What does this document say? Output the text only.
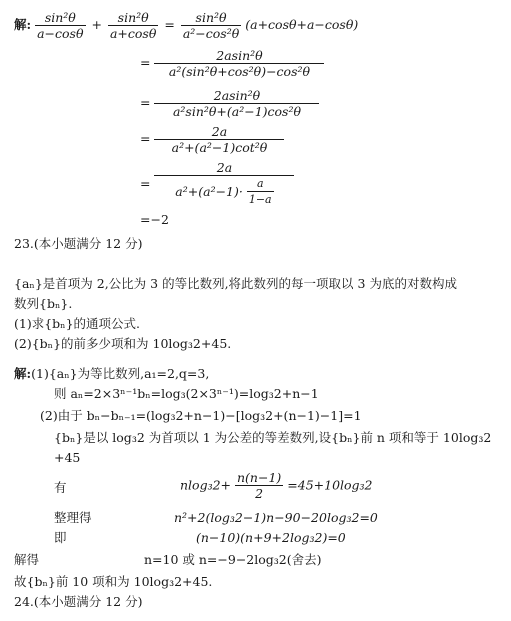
解: $\frac{\text{sin²θ}}{a-\cos\theta} + \frac{\text{sin²θ}}{a+\cos\theta} = \frac{\text{sin²θ}}{\text{a²−cos²θ}} (a+\cos\theta+a-\cos\theta)$
= $\frac{\text{2asin²θ}}{\text{a²(sin²θ+cos²θ)−cos²θ}}$
= $\frac{\text{2asin²θ}}{\text{a²sin²θ+(a²−1)cos²θ}}$
= $\frac{2a}{\text{a²+(a²−1)cot²θ}}$
= $\frac{2a}{a^2+(a^2-1)\cdot \frac{a}{1-a}}$
=−2
23.(本小题满分 12 分)
{aₙ}是首项为 2,公比为 3 的等比数列,将此数列的每一项取以 3 为底的对数构成
数列{bₙ}.
(1)求{bₙ}的通项公式.
(2){bₙ}的前多少项和为 10log₃2+45.
解:(1){aₙ}为等比数列,a₁=2,q=3,
则 aₙ=2×3ⁿ⁻¹bₙ=log₃(2×3ⁿ⁻¹)=log₃2+n−1
(2)由于 bₙ−bₙ₋₁=(log₃2+n−1)−[log₃2+(n−1)−1]=1
{bₙ}是以 log₃2 为首项以 1 为公差的等差数列,设{bₙ}前 n 项和等于 10log₃2
+45
有	$nlog_32+ \frac{n(n-1)}{2} =45+10\log_32$
整理得	n²+2(log₃2−1)n−90−20log₃2=0
即	(n−10)(n+9+2log₃2)=0
解得	n=10 或 n=−9−2log₃2(舍去)
故{bₙ}前 10 项和为 10log₃2+45.
24.(本小题满分 12 分)
